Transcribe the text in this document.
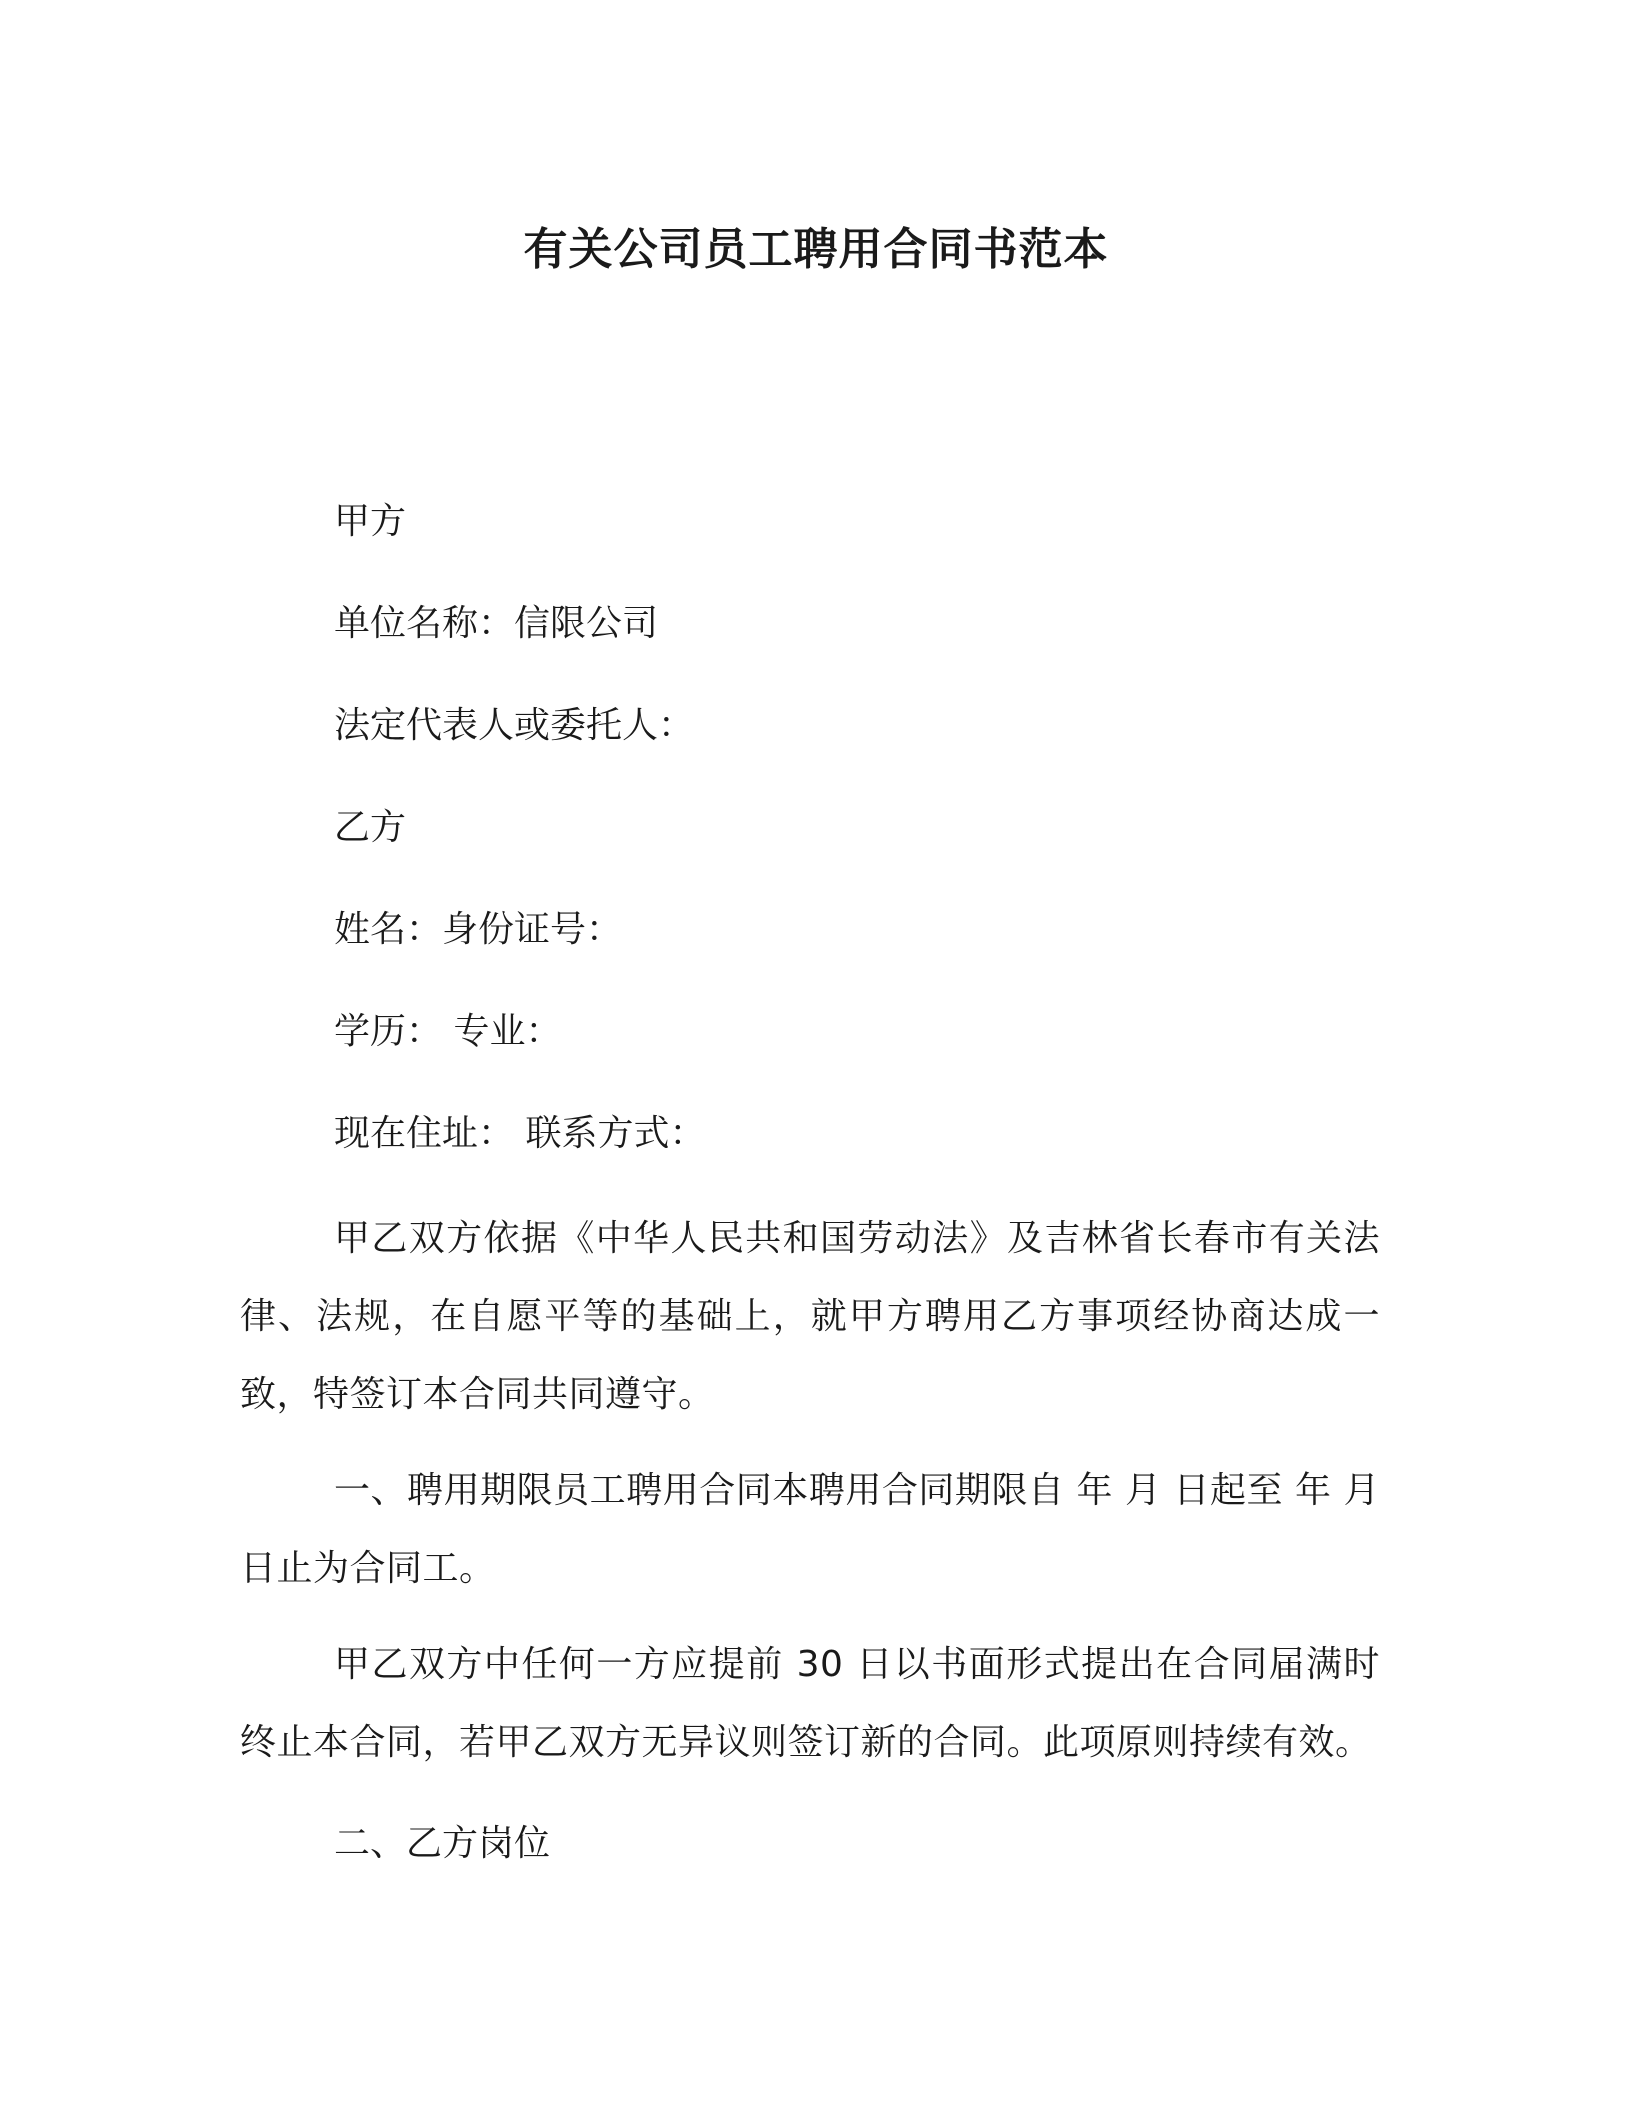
有关公司员工聘用合同书范本
甲方
单位名称：信限公司
法定代表人或委托人：
乙方
姓名：身份证号：
学历： 专业：
现在住址： 联系方式：
甲乙双方依据《中华人民共和国劳动法》及吉林省长春市有关法律、法规，在自愿平等的基础上，就甲方聘用乙方事项经协商达成一致，特签订本合同共同遵守。
一、聘用期限员工聘用合同本聘用合同期限自 年 月 日起至 年 月日止为合同工。
甲乙双方中任何一方应提前 30 日以书面形式提出在合同届满时终止本合同，若甲乙双方无异议则签订新的合同。此项原则持续有效。
二、乙方岗位
